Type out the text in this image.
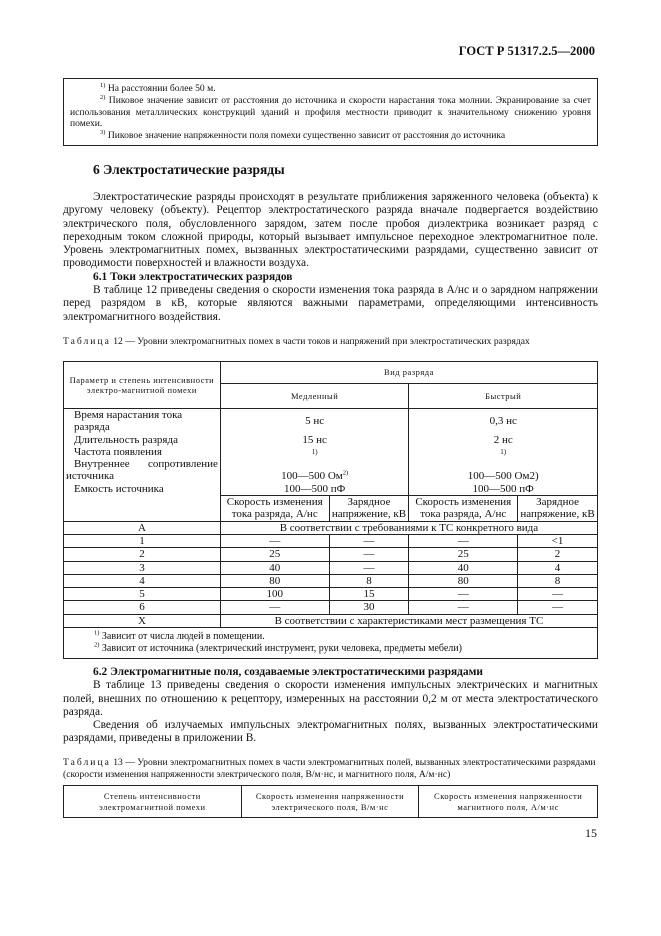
ГОСТ Р 51317.2.5—2000

$^{1)}$ На расстоянии более 50 м.

$^{2)}$ Пиковое значение зависит от расстояния до источника и скорости нарастания тока молнии. Экранирование за счет использования металлических конструкций зданий и профиля местности приводит к значительному снижению уровня помехи.

$^{3)}$ Пиковое значение напряженности поля помехи существенно зависит от расстояния до источника

6 Электростатические разряды

Электростатические разряды происходят в результате приближения заряженного человека (объекта) к другому человеку (объекту). Рецептор электростатического разряда вначале подвергается воздействию электрического поля, обусловленного зарядом, затем после пробоя диэлектрика возникает разряд с переходным током сложной природы, который вызывает импульсное переходное электромагнитное поле. Уровень электромагнитных помех, вызванных электростатическими разрядами, существенно зависит от проводимости поверхностей и влажности воздуха.

6.1 Токи электростатических разрядов

В таблице 12 приведены сведения о скорости изменения тока разряда в А/нс и о зарядном напряжении перед разрядом в кВ, которые являются важными параметрами, определяющими интенсивность электромагнитного воздействия.

Таблица 12 — Уровни электромагнитных помех в части токов и напряжений при электростатических разрядах
Параметр и степень интенсивности электро-магнитной помехи	Вид разряда			
	Медленный		Быстрый	
Время нарастания тока разряда	5 нс		0,3 нс	
Длительность разряда	15 нс		2 нс	
Частота появления	1)		1)	

Внутреннее сопротивление
источника	100—500 $Ом^{2)}$		100—500 Ом2)	
Емкость источника	100—500 пФ		100—500 пФ	
	Скорость изменения тока разряда, А/нс	Зарядное напряжение, кВ	Скорость изменения тока разряда, А/нс	Зарядное напряжение, кВ
А	В соответствии с требованиями к ТС конкретного вида			
1	—	—	—	<1
2	25	—	25	2
3	40	—	40	4
4	80	8	80	8
5	100	15	—	—
6	—	30	—	—
X	В соответствии с характеристиками мест размещения ТС			

$^{1)}$ Зависит от числа людей в помещении.
$^{2)}$ Зависит от источника (электрический инструмент, руки человека, предметы мебели)				

6.2 Электромагнитные поля, создаваемые электростатическими разрядами

В таблице 13 приведены сведения о скорости изменения импульсных электрических и магнитных полей, внешних по отношению к рецептору, измеренных на расстоянии 0,2 м от места электростатического разряда.

Сведения об излучаемых импульсных электромагнитных полях, вызванных электростатическими разрядами, приведены в приложении В.

Таблица 13 — Уровни электромагнитных помех в части электромагнитных полей, вызванных электростатическими разрядами (скорости изменения напряженности электрического поля, В/м·нс, и магнитного поля, А/м·нс)
Степень интенсивности электромагнитной помехи	Скорость изменения напряженности электрического поля, В/м·нс	Скорость изменения напряженности магнитного поля, А/м·нс
15
